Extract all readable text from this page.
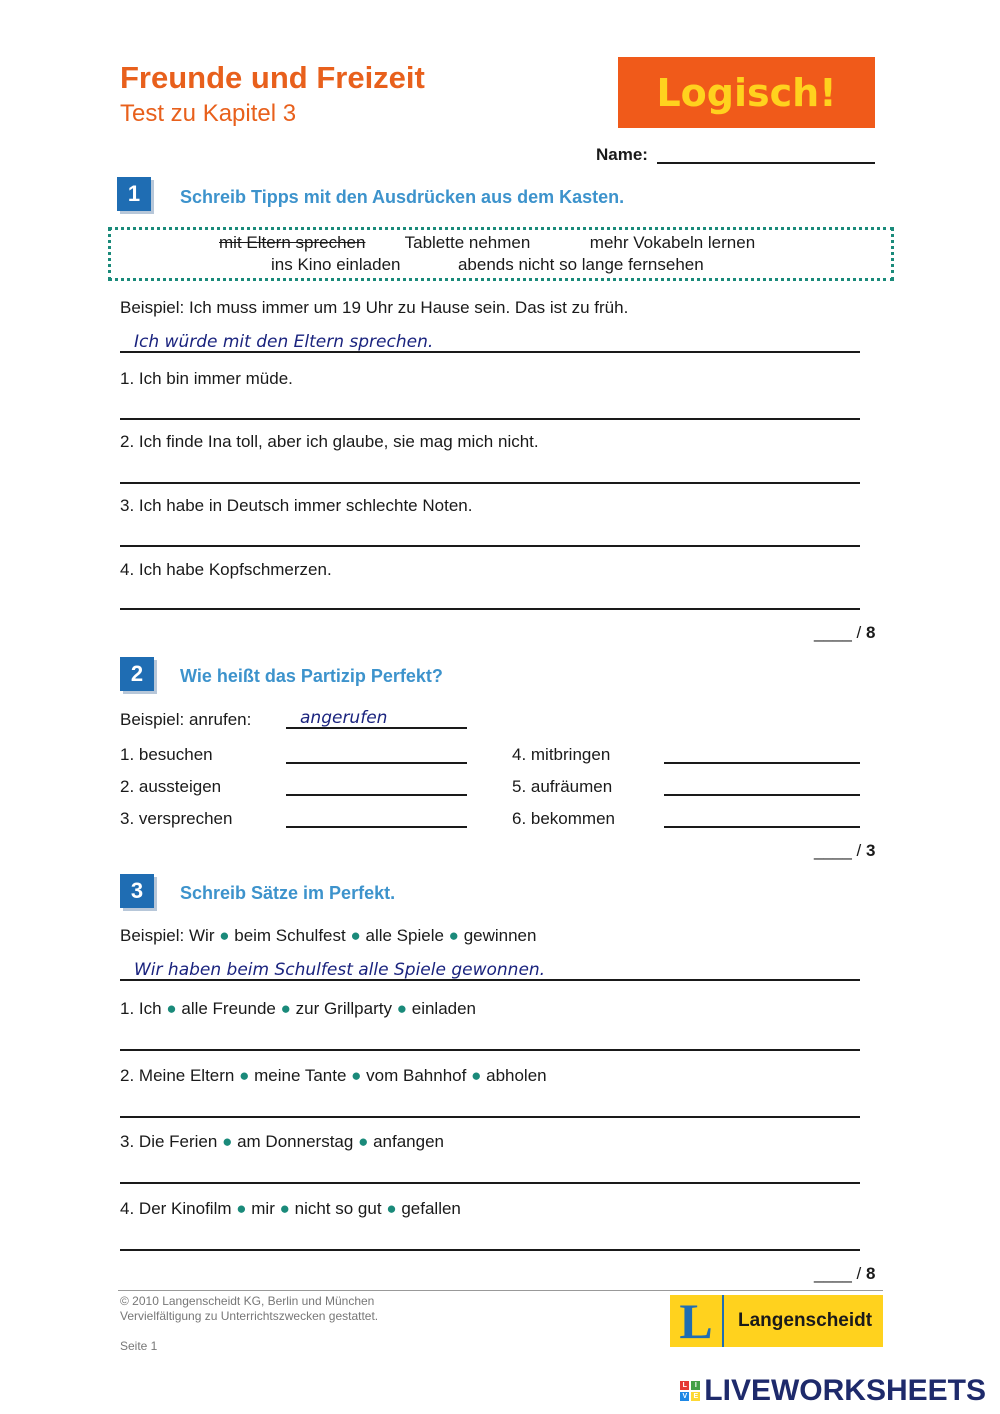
Freunde und Freizeit
Test zu Kapitel 3	Logisch!
Name:
1	Schreib Tipps mit den Ausdrücken aus dem Kasten.
mit Eltern sprechen Tablette nehmen	mehr Vokabeln lernen
ins Kino einladen	abends nicht so lange fernsehen
Beispiel: Ich muss immer um 19 Uhr zu Hause sein. Das ist zu früh.
Ich würde mit den Eltern sprechen.
1. Ich bin immer müde.
2. Ich finde Ina toll, aber ich glaube, sie mag mich nicht.
3. Ich habe in Deutsch immer schlechte Noten.
4. Ich habe Kopfschmerzen.
____ / 8
2	Wie heißt das Partizip Perfekt?
Beispiel: anrufen:	angerufen
1. besuchen
2. aussteigen
3. versprechen
4. mitbringen
5. aufräumen
6. bekommen
____ / 3
3	Schreib Sätze im Perfekt.
Beispiel: Wir ● beim Schulfest ● alle Spiele ● gewinnen
Wir haben beim Schulfest alle Spiele gewonnen.
1. Ich ● alle Freunde ● zur Grillparty ● einladen
2. Meine Eltern ● meine Tante ● vom Bahnhof ● abholen
3. Die Ferien ● am Donnerstag ● anfangen
4. Der Kinofilm ● mir ● nicht so gut ● gefallen
____ / 8
© 2010 Langenscheidt KG, Berlin und München
Vervielfältigung zu Unterrichtszwecken gestattet.
Seite 1	L Langenscheidt
L	I
V E LIVEWORKSHEETS
